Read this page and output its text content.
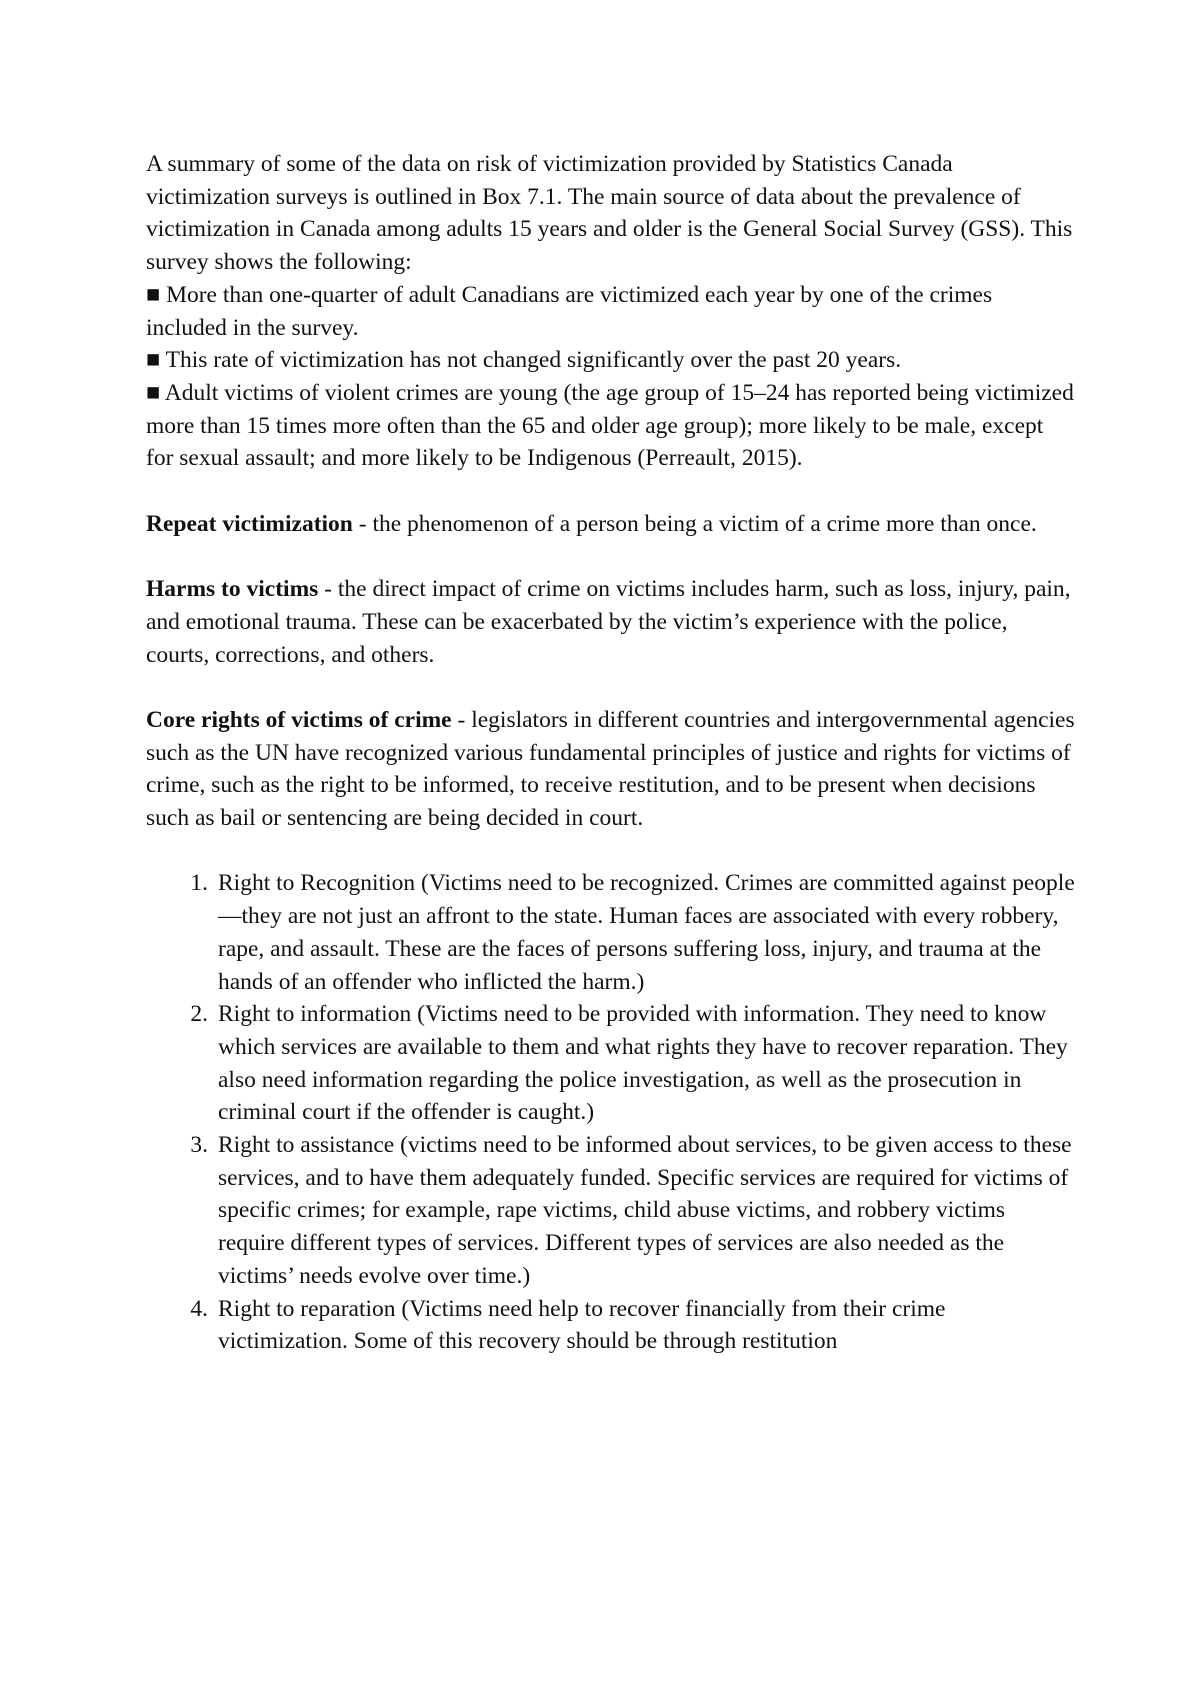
A summary of some of the data on risk of victimization provided by Statistics Canada victimization surveys is outlined in Box 7.1. The main source of data about the prevalence of victimization in Canada among adults 15 years and older is the General Social Survey (GSS). This survey shows the following:

■ More than one-quarter of adult Canadians are victimized each year by one of the crimes included in the survey.

■ This rate of victimization has not changed significantly over the past 20 years.

■ Adult victims of violent crimes are young (the age group of 15–24 has reported being victimized more than 15 times more often than the 65 and older age group); more likely to be male, except for sexual assault; and more likely to be Indigenous (Perreault, 2015).

Repeat victimization - the phenomenon of a person being a victim of a crime more than once.

Harms to victims - the direct impact of crime on victims includes harm, such as loss, injury, pain, and emotional trauma. These can be exacerbated by the victim’s experience with the police, courts, corrections, and others.

Core rights of victims of crime - legislators in different countries and intergovernmental agencies such as the UN have recognized various fundamental principles of justice and rights for victims of crime, such as the right to be informed, to receive restitution, and to be present when decisions such as bail or sentencing are being decided in court.

1. Right to Recognition (Victims need to be recognized. Crimes are committed against people—they are not just an affront to the state. Human faces are associated with every robbery, rape, and assault. These are the faces of persons suffering loss, injury, and trauma at the hands of an offender who inflicted the harm.)
2. Right to information (Victims need to be provided with information. They need to know which services are available to them and what rights they have to recover reparation. They also need information regarding the police investigation, as well as the prosecution in criminal court if the offender is caught.)
3. Right to assistance (victims need to be informed about services, to be given access to these services, and to have them adequately funded. Specific services are required for victims of specific crimes; for example, rape victims, child abuse victims, and robbery victims require different types of services. Different types of services are also needed as the victims’ needs evolve over time.)
4. Right to reparation (Victims need help to recover financially from their crime victimization. Some of this recovery should be through restitution
